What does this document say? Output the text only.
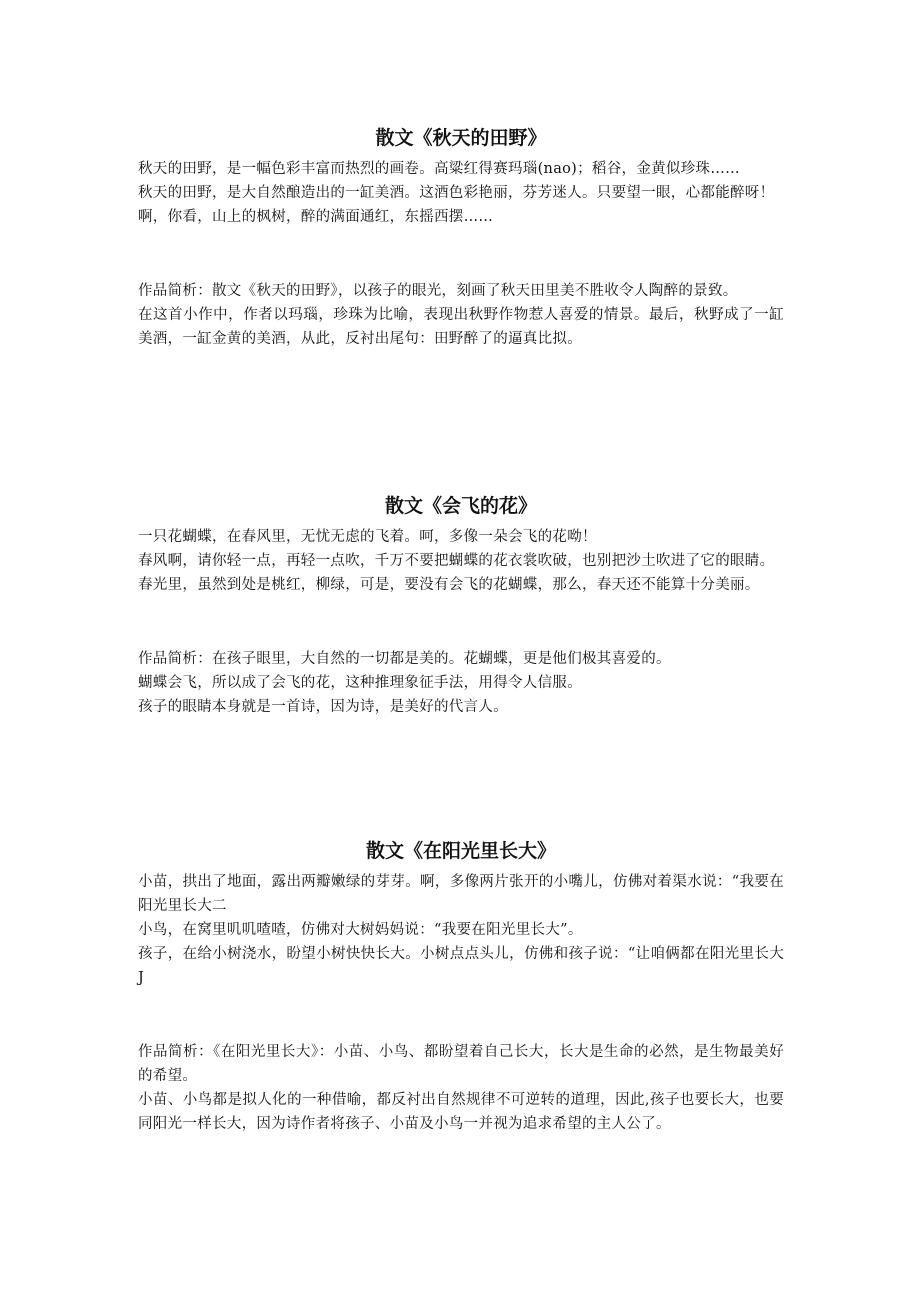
散文《秋天的田野》

秋天的田野，是一幅色彩丰富而热烈的画卷。高粱红得赛玛瑙(nao)；稻谷，金黄似珍珠……

秋天的田野，是大自然酿造出的一缸美酒。这酒色彩艳丽，芬芳迷人。只要望一眼，心都能醉呀！

啊，你看，山上的枫树，醉的满面通红，东摇西摆……

作品简析：散文《秋天的田野》，以孩子的眼光，刻画了秋天田里美不胜收令人陶醉的景致。

在这首小作中，作者以玛瑙，珍珠为比喻，表现出秋野作物惹人喜爱的情景。最后，秋野成了一缸美酒，一缸金黄的美酒，从此，反衬出尾句：田野醉了的逼真比拟。

散文《会飞的花》

一只花蝴蝶，在春风里，无忧无虑的飞着。呵，多像一朵会飞的花呦！

春风啊，请你轻一点，再轻一点吹，千万不要把蝴蝶的花衣裳吹破，也别把沙土吹进了它的眼睛。

春光里，虽然到处是桃红，柳绿，可是，要没有会飞的花蝴蝶，那么，春天还不能算十分美丽。

作品简析：在孩子眼里，大自然的一切都是美的。花蝴蝶，更是他们极其喜爱的。

蝴蝶会飞，所以成了会飞的花，这种推理象征手法，用得令人信服。

孩子的眼睛本身就是一首诗，因为诗，是美好的代言人。

散文《在阳光里长大》

小苗，拱出了地面，露出两瓣嫩绿的芽芽。啊，多像两片张开的小嘴儿，仿佛对着渠水说：“我要在阳光里长大二

小鸟，在窝里叽叽喳喳，仿佛对大树妈妈说：“我要在阳光里长大”。

孩子，在给小树浇水，盼望小树快快长大。小树点点头儿，仿佛和孩子说：“让咱俩都在阳光里长大J

作品简析：《在阳光里长大》：小苗、小鸟、都盼望着自己长大，长大是生命的必然，是生物最美好的希望。

小苗、小鸟都是拟人化的一种借喻，都反衬出自然规律不可逆转的道理，因此,孩子也要长大，也要同阳光一样长大，因为诗作者将孩子、小苗及小鸟一并视为追求希望的主人公了。
